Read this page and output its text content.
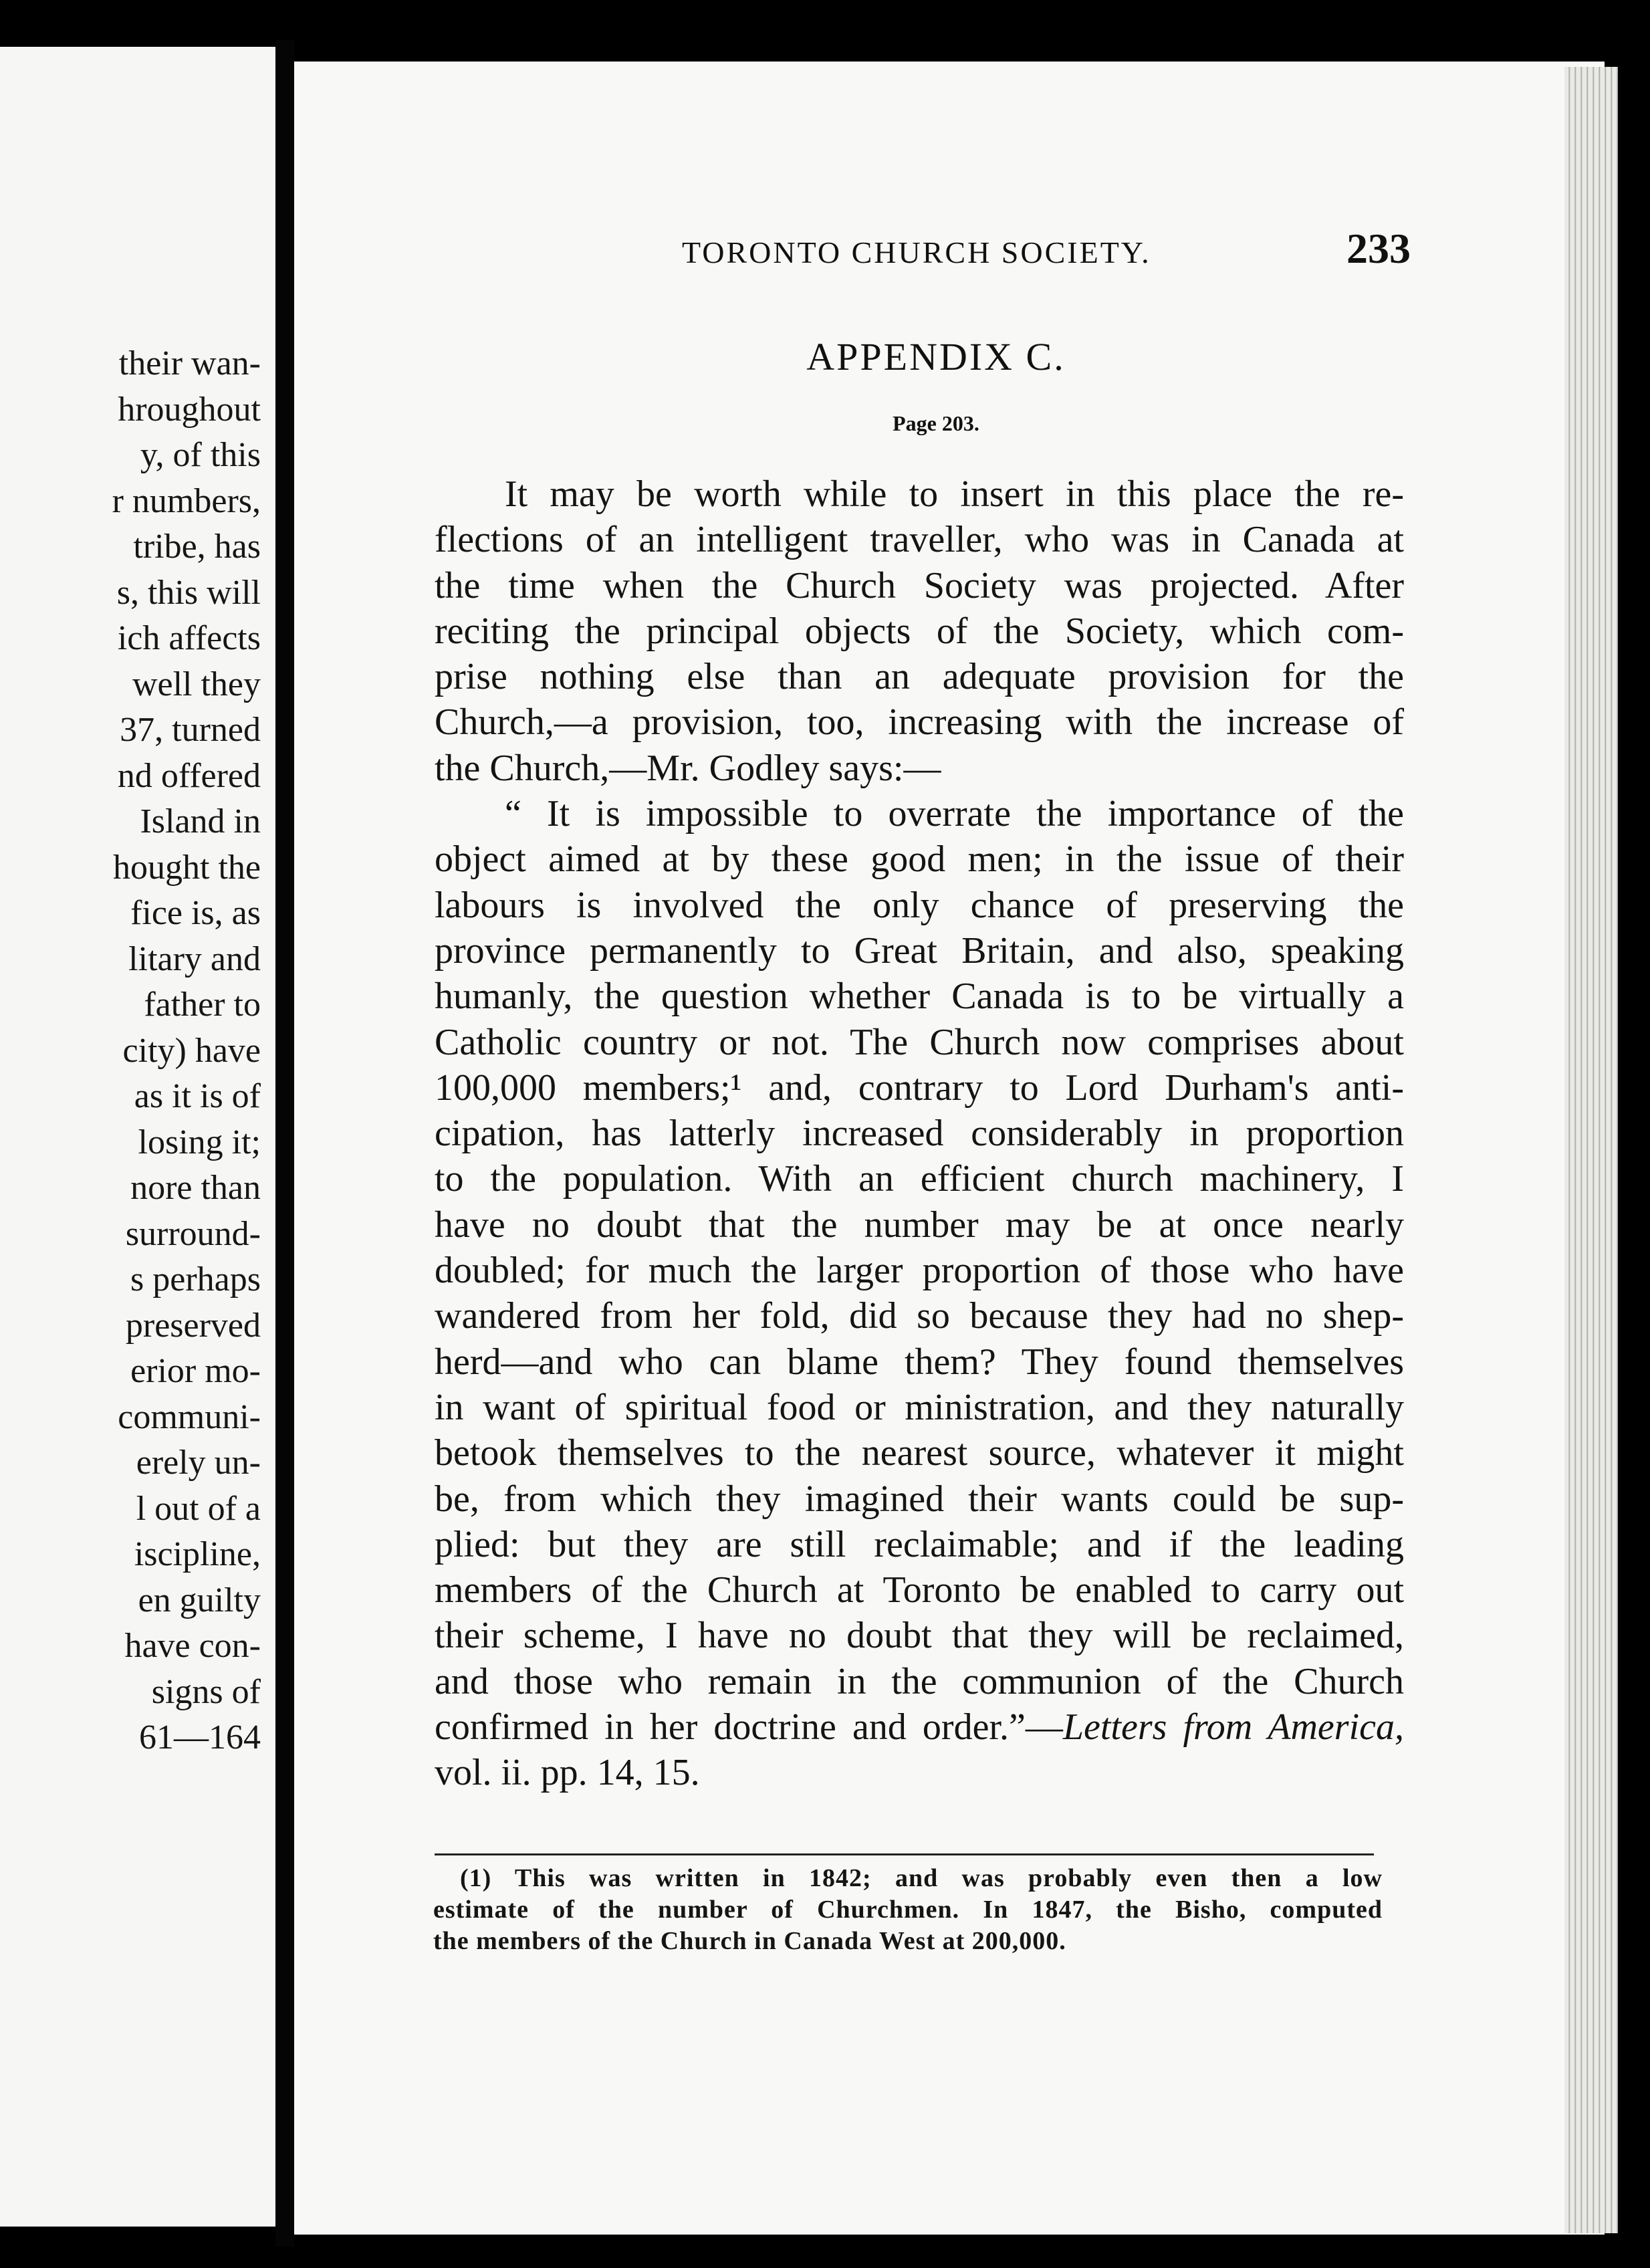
their wan-
hroughout
y, of this
r numbers,
tribe, has
s, this will
ich affects
well they
37, turned
nd offered
Island in
hought the
fice is, as
litary and
father to
city) have
as it is of
losing it;
nore than
surround-
s perhaps
preserved
erior mo-
communi-
erely un-
l out of a
iscipline,
en guilty
have con-
signs of
61—164
TORONTO CHURCH SOCIETY.	233
APPENDIX C.
Page 203.
It may be worth while to insert in this place the re-
flections of an intelligent traveller, who was in Canada at
the time when the Church Society was projected. After
reciting the principal objects of the Society, which com-
prise nothing else than an adequate provision for the
Church,—a provision, too, increasing with the increase of
the Church,—Mr. Godley says:—
“ It is impossible to overrate the importance of the
object aimed at by these good men; in the issue of their
labours is involved the only chance of preserving the
province permanently to Great Britain, and also, speaking
humanly, the question whether Canada is to be virtually a
Catholic country or not. The Church now comprises about
100,000 members;¹ and, contrary to Lord Durham's anti-
cipation, has latterly increased considerably in proportion
to the population. With an efficient church machinery, I
have no doubt that the number may be at once nearly
doubled; for much the larger proportion of those who have
wandered from her fold, did so because they had no shep-
herd—and who can blame them? They found themselves
in want of spiritual food or ministration, and they naturally
betook themselves to the nearest source, whatever it might
be, from which they imagined their wants could be sup-
plied: but they are still reclaimable; and if the leading
members of the Church at Toronto be enabled to carry out
their scheme, I have no doubt that they will be reclaimed,
and those who remain in the communion of the Church
confirmed in her doctrine and order.”—Letters from America,
vol. ii. pp. 14, 15.
(1) This was written in 1842; and was probably even then a low
estimate of the number of Churchmen. In 1847, the Bisho, computed
the members of the Church in Canada West at 200,000.
